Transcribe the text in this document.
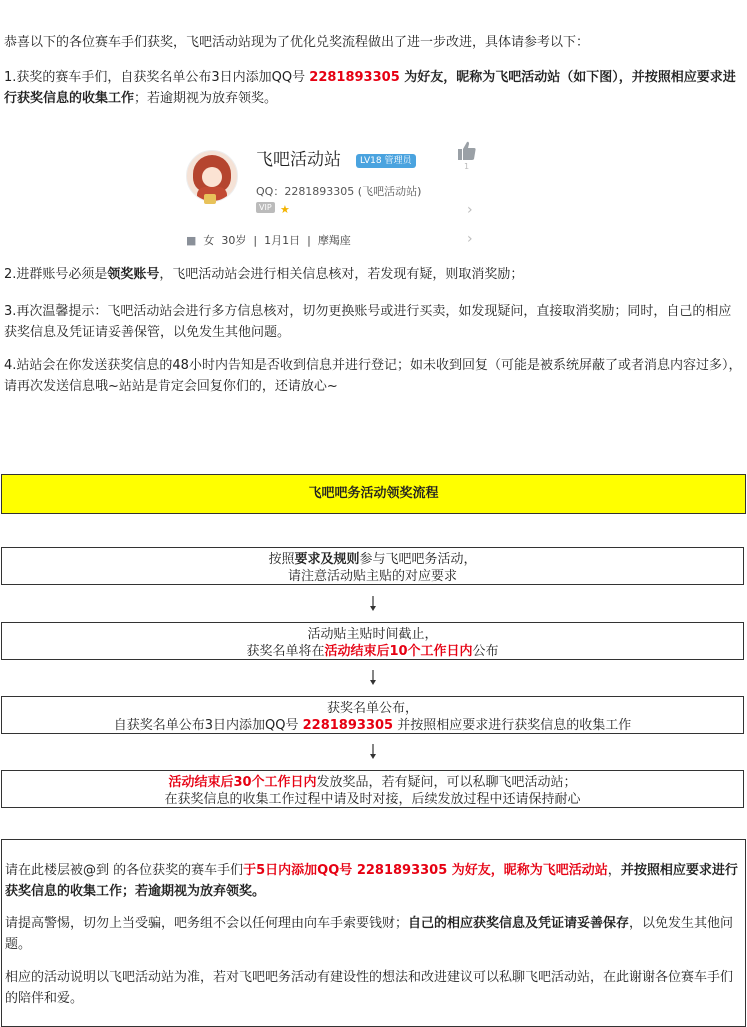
恭喜以下的各位赛车手们获奖，飞吧活动站现为了优化兑奖流程做出了进一步改进，具体请参考以下：

1.获奖的赛车手们，自获奖名单公布3日内添加QQ号 2281893305 为好友，昵称为飞吧活动站（如下图），并按照相应要求进行获奖信息的收集工作；若逾期视为放弃领奖。

飞吧活动站	LV18 管理员
QQ：2281893305 (飞吧活动站)
VIP ★	›
1
■ 女 30岁  |  1月1日  |  摩羯座	›

2.进群账号必须是领奖账号，飞吧活动站会进行相关信息核对，若发现有疑，则取消奖励；

3.再次温馨提示：飞吧活动站会进行多方信息核对，切勿更换账号或进行买卖，如发现疑问，直接取消奖励；同时，自己的相应获奖信息及凭证请妥善保管，以免发生其他问题。

4.站站会在你发送获奖信息的48小时内告知是否收到信息并进行登记；如未收到回复（可能是被系统屏蔽了或者消息内容过多），请再次发送信息哦~站站是肯定会回复你们的，还请放心~

飞吧吧务活动领奖流程
按照要求及规则参与飞吧吧务活动，
请注意活动贴主贴的对应要求
活动贴主贴时间截止，
获奖名单将在活动结束后10个工作日内公布
获奖名单公布，
自获奖名单公布3日内添加QQ号 2281893305 并按照相应要求进行获奖信息的收集工作
活动结束后30个工作日内发放奖品，若有疑问，可以私聊飞吧活动站；
在获奖信息的收集工作过程中请及时对接，后续发放过程中还请保持耐心

请在此楼层被@到 的各位获奖的赛车手们于5日内添加QQ号 2281893305 为好友，昵称为飞吧活动站，并按照相应要求进行获奖信息的收集工作；若逾期视为放弃领奖。

请提高警惕，切勿上当受骗，吧务组不会以任何理由向车手索要钱财；自己的相应获奖信息及凭证请妥善保存，以免发生其他问题。

相应的活动说明以飞吧活动站为准，若对飞吧吧务活动有建设性的想法和改进建议可以私聊飞吧活动站，在此谢谢各位赛车手们的陪伴和爱。
